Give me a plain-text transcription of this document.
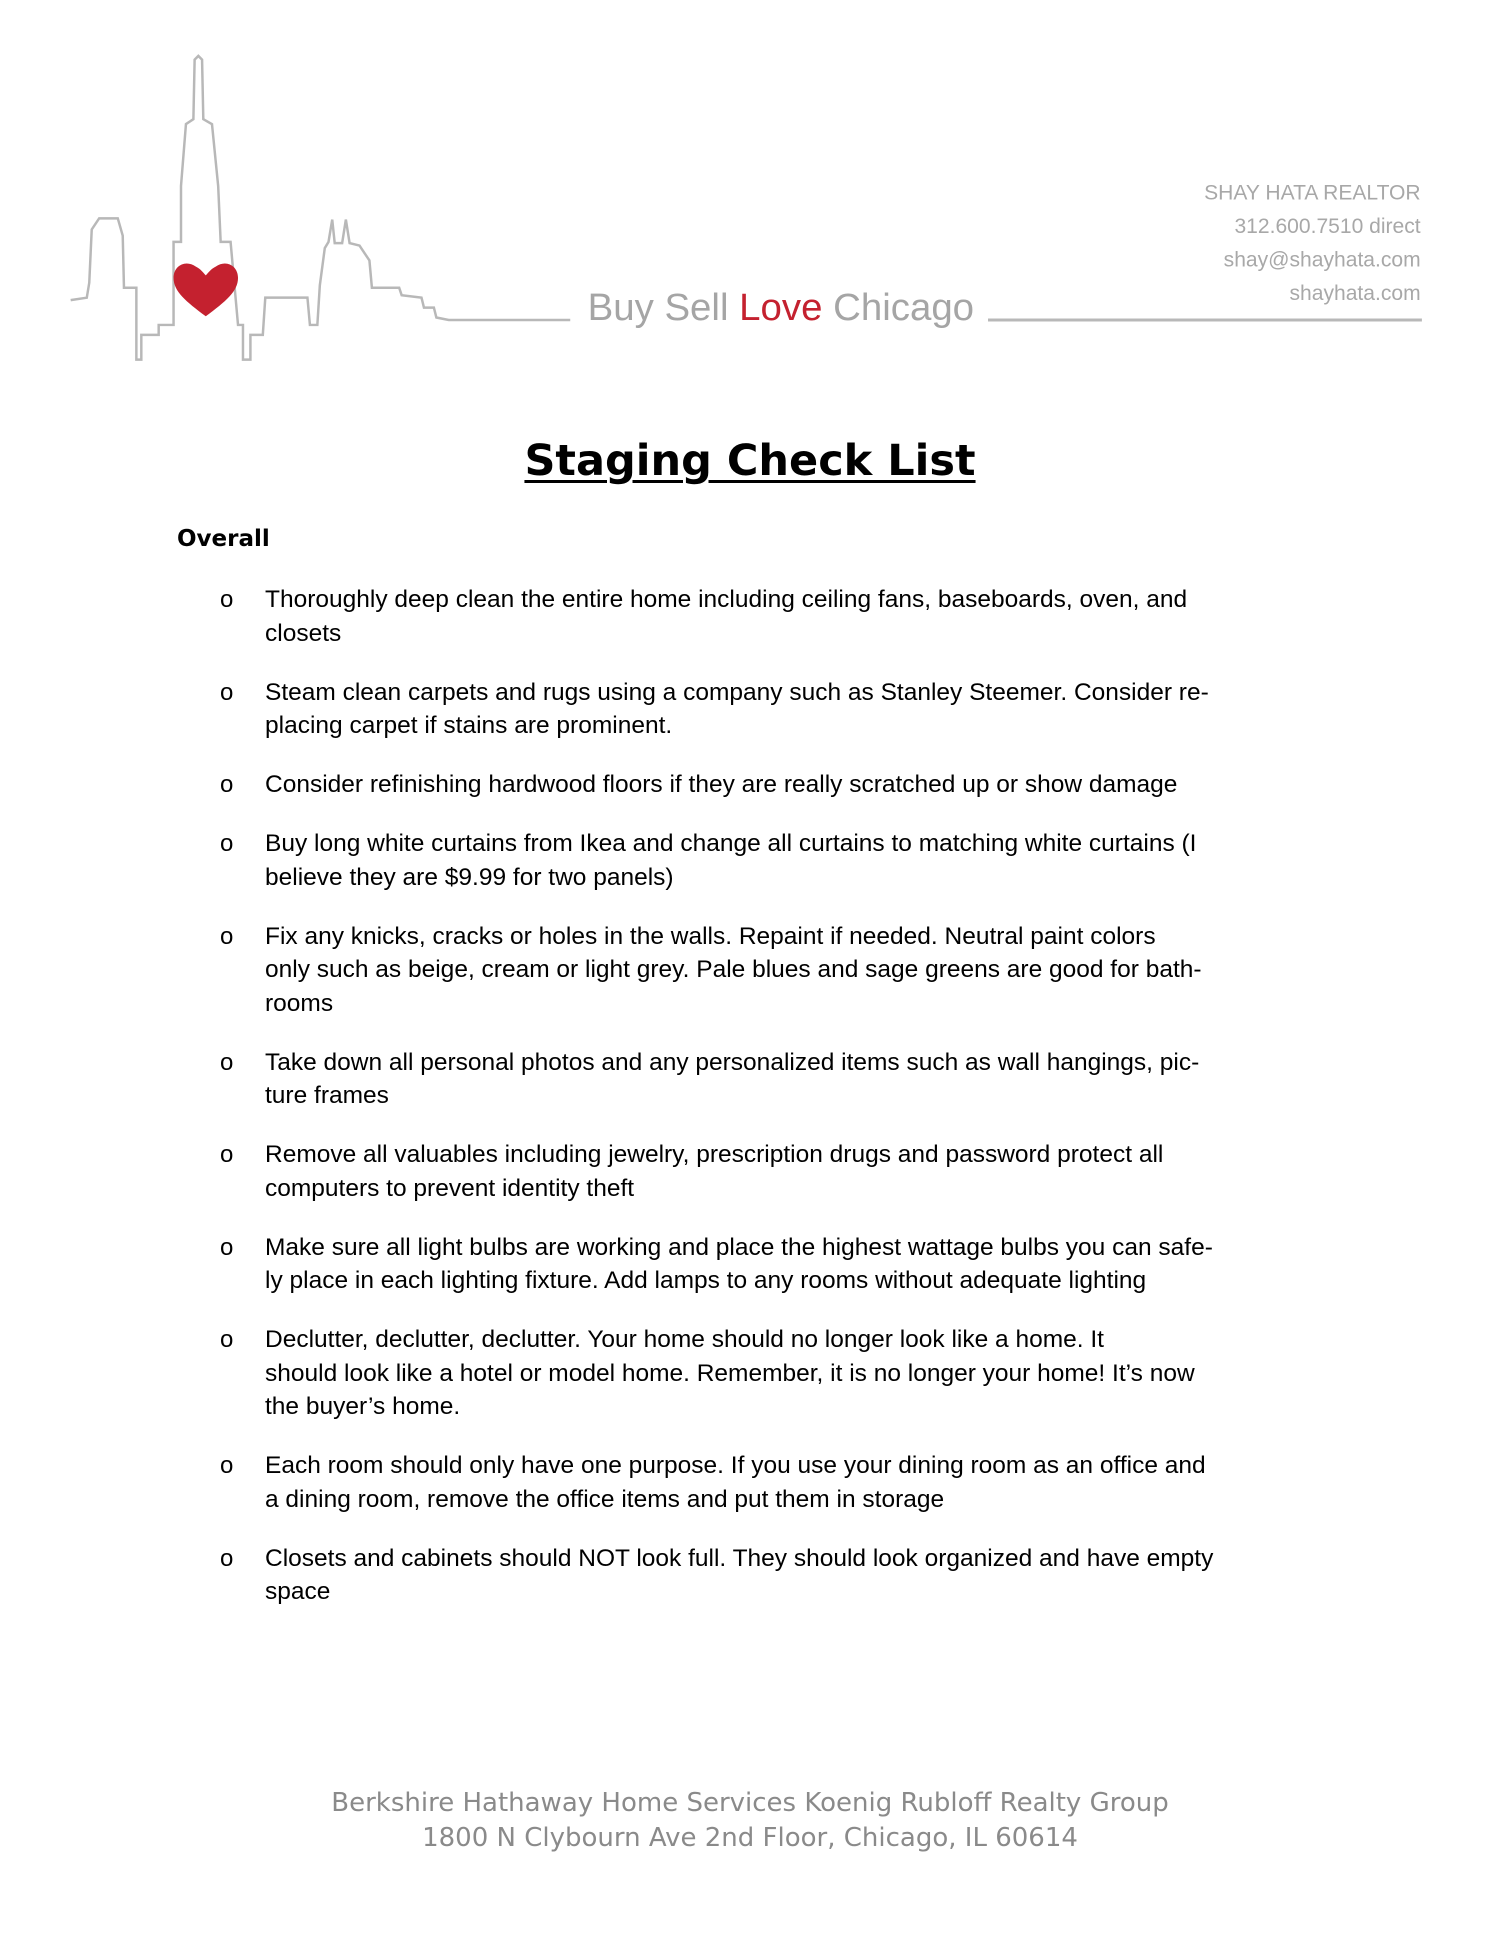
Buy Sell Love Chicago
SHAY HATA REALTOR
312.600.7510 direct
shay@shayhata.com
shayhata.com
Staging Check List
Overall
o Thoroughly deep clean the entire home including ceiling fans, baseboards, oven, and
closets
o Steam clean carpets and rugs using a company such as Stanley Steemer. Consider re-
placing carpet if stains are prominent.
o Consider refinishing hardwood floors if they are really scratched up or show damage
o Buy long white curtains from Ikea and change all curtains to matching white curtains (I
believe they are $9.99 for two panels)
o Fix any knicks, cracks or holes in the walls. Repaint if needed. Neutral paint colors
only such as beige, cream or light grey. Pale blues and sage greens are good for bath-
rooms
o Take down all personal photos and any personalized items such as wall hangings, pic-
ture frames
o Remove all valuables including jewelry, prescription drugs and password protect all
computers to prevent identity theft
o Make sure all light bulbs are working and place the highest wattage bulbs you can safe-
ly place in each lighting fixture. Add lamps to any rooms without adequate lighting
o Declutter, declutter, declutter. Your home should no longer look like a home. It
should look like a hotel or model home. Remember, it is no longer your home! It’s now
the buyer’s home.
o Each room should only have one purpose. If you use your dining room as an office and
a dining room, remove the office items and put them in storage
o Closets and cabinets should NOT look full. They should look organized and have empty
space
Berkshire Hathaway Home Services Koenig Rubloff Realty Group
1800 N Clybourn Ave 2nd Floor, Chicago, IL 60614
